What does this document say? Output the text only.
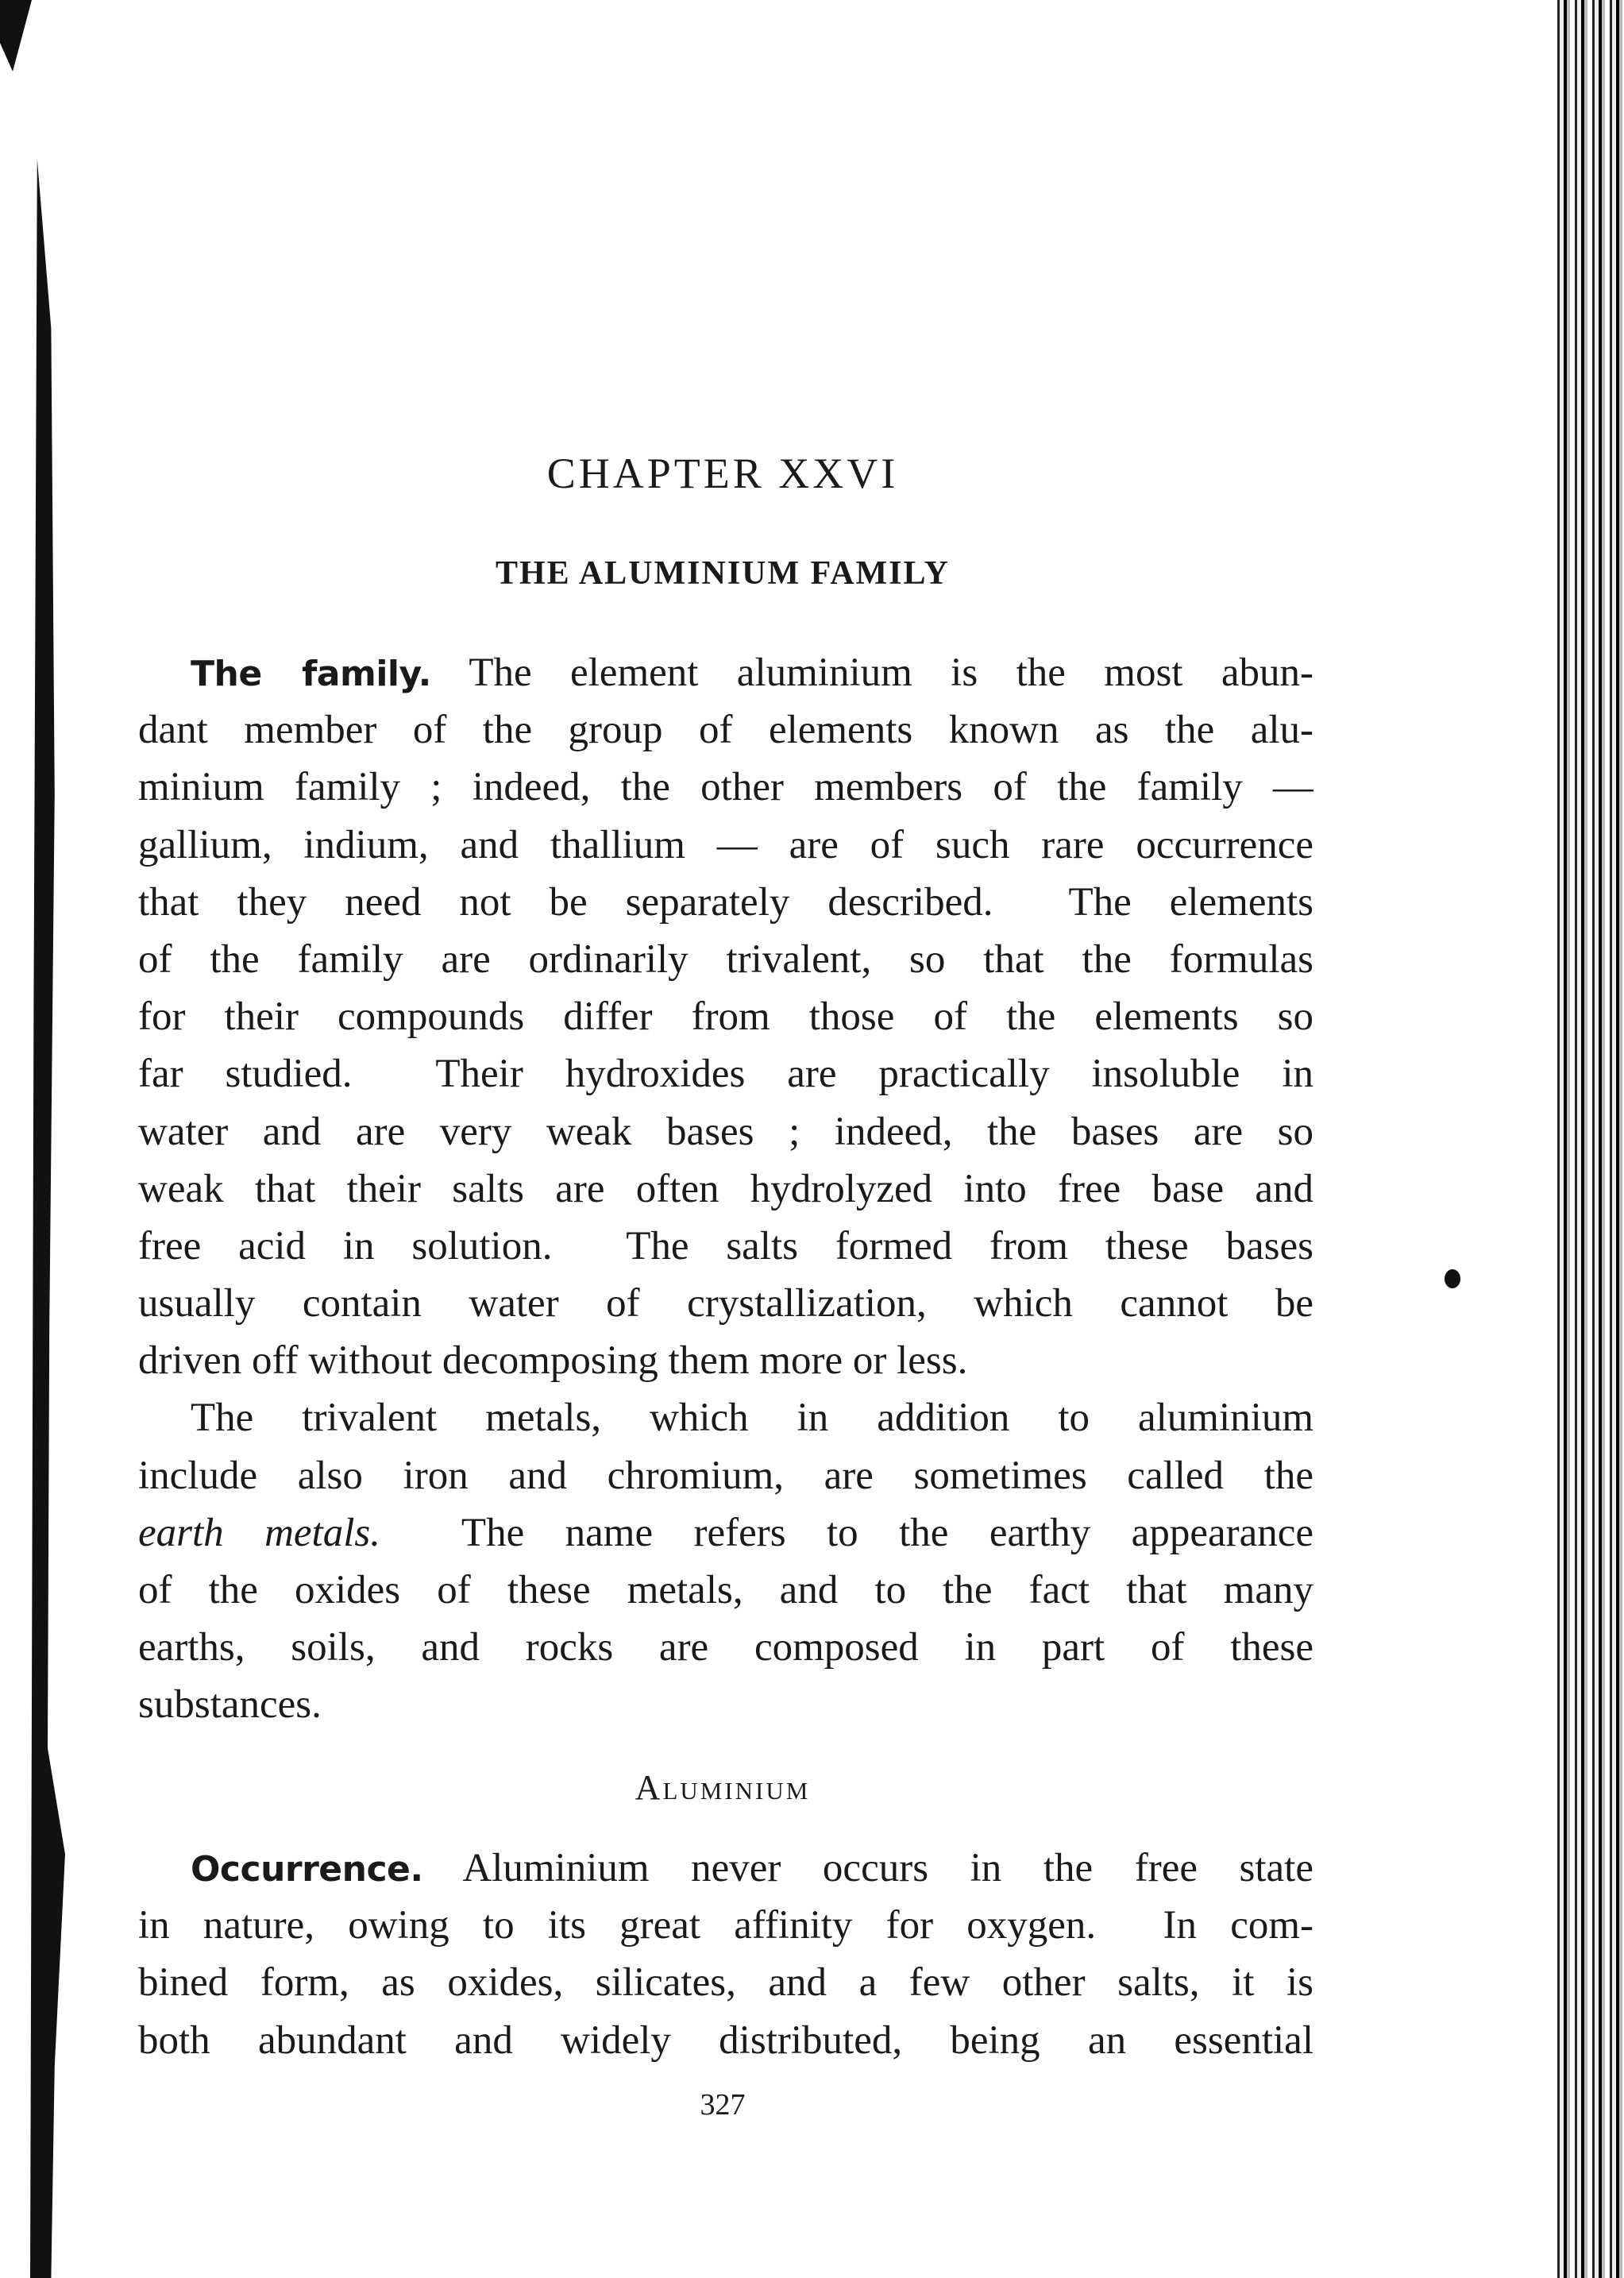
CHAPTER XXVI
THE ALUMINIUM FAMILY
The family. The element aluminium is the most abun-
dant member of the group of elements known as the alu-
minium family ; indeed, the other members of the family —
gallium, indium, and thallium — are of such rare occurrence
that they need not be separately described.  The elements
of the family are ordinarily trivalent, so that the formulas
for their compounds differ from those of the elements so
far studied.  Their hydroxides are practically insoluble in
water and are very weak bases ; indeed, the bases are so
weak that their salts are often hydrolyzed into free base and
free acid in solution.  The salts formed from these bases
usually contain water of crystallization, which cannot be
driven off without decomposing them more or less.
The trivalent metals, which in addition to aluminium
include also iron and chromium, are sometimes called the
earth metals.  The name refers to the earthy appearance
of the oxides of these metals, and to the fact that many
earths, soils, and rocks are composed in part of these
substances.
Aluminium
Occurrence. Aluminium never occurs in the free state
in nature, owing to its great affinity for oxygen.  In com-
bined form, as oxides, silicates, and a few other salts, it is
both abundant and widely distributed, being an essential
327
